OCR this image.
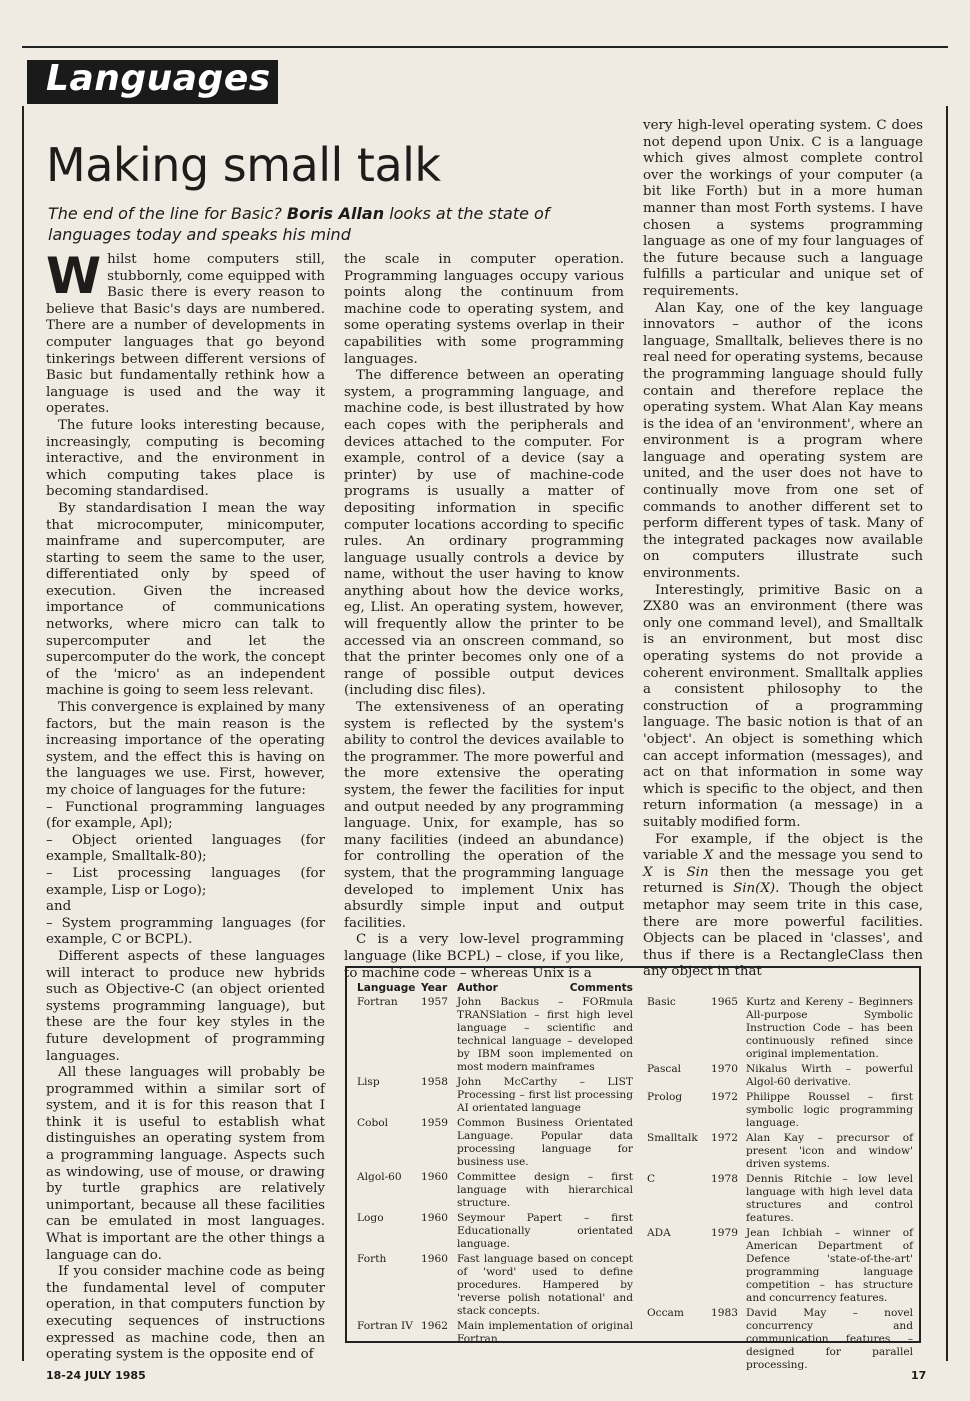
Languages
Making small talk
The end of the line for Basic? Boris Allan looks at the state of languages today and speaks his mind

Whilst home computers still, stubbornly, come equipped with Basic there is every reason to believe that Basic's days are numbered. There are a number of developments in computer languages that go beyond tinkerings between different versions of Basic but fundamentally rethink how a language is used and the way it operates.

The future looks interesting because, increasingly, computing is becoming interactive, and the environment in which computing takes place is becoming standardised.

By standardisation I mean the way that microcomputer, minicomputer, mainframe and supercomputer, are starting to seem the same to the user, differentiated only by speed of execution. Given the increased importance of communications networks, where micro can talk to supercomputer and let the supercomputer do the work, the concept of the 'micro' as an independent machine is going to seem less relevant.

This convergence is explained by many factors, but the main reason is the increasing importance of the operating system, and the effect this is having on the languages we use. First, however, my choice of languages for the future:

– Functional programming languages (for example, Apl);

– Object oriented languages (for example, Smalltalk-80);

– List processing languages (for example, Lisp or Logo);

and

– System programming languages (for example, C or BCPL).

Different aspects of these languages will interact to produce new hybrids such as Objective-C (an object oriented systems programming language), but these are the four key styles in the future development of programming languages.

All these languages will probably be programmed within a similar sort of system, and it is for this reason that I think it is useful to establish what distinguishes an operating system from a programming language. Aspects such as windowing, use of mouse, or drawing by turtle graphics are relatively unimportant, because all these facilities can be emulated in most languages. What is important are the other things a language can do.

If you consider machine code as being the fundamental level of computer operation, in that computers function by executing sequences of instructions expressed as machine code, then an operating system is the opposite end of

the scale in computer operation. Programming languages occupy various points along the continuum from machine code to operating system, and some operating systems overlap in their capabilities with some programming languages.

The difference between an operating system, a programming language, and machine code, is best illustrated by how each copes with the peripherals and devices attached to the computer. For example, control of a device (say a printer) by use of machine-code programs is usually a matter of depositing information in specific computer locations according to specific rules. An ordinary programming language usually controls a device by name, without the user having to know anything about how the device works, eg, Llist. An operating system, however, will frequently allow the printer to be accessed via an onscreen command, so that the printer becomes only one of a range of possible output devices (including disc files).

The extensiveness of an operating system is reflected by the system's ability to control the devices available to the programmer. The more powerful and the more extensive the operating system, the fewer the facilities for input and output needed by any programming language. Unix, for example, has so many facilities (indeed an abundance) for controlling the operation of the system, that the programming language developed to implement Unix has absurdly simple input and output facilities.

C is a very low-level programming language (like BCPL) – close, if you like, to machine code – whereas Unix is a

very high-level operating system. C does not depend upon Unix. C is a language which gives almost complete control over the workings of your computer (a bit like Forth) but in a more human manner than most Forth systems. I have chosen a systems programming language as one of my four languages of the future because such a language fulfills a particular and unique set of requirements.

Alan Kay, one of the key language innovators – author of the icons language, Smalltalk, believes there is no real need for operating systems, because the programming language should fully contain and therefore replace the operating system. What Alan Kay means is the idea of an 'environment', where an environment is a program where language and operating system are united, and the user does not have to continually move from one set of commands to another different set to perform different types of task. Many of the integrated packages now available on computers illustrate such environments.

Interestingly, primitive Basic on a ZX80 was an environment (there was only one command level), and Smalltalk is an environment, but most disc operating systems do not provide a coherent environment. Smalltalk applies a consistent philosophy to the construction of a programming language. The basic notion is that of an 'object'. An object is something which can accept information (messages), and act on that information in some way which is specific to the object, and then return information (a message) in a suitably modified form.

For example, if the object is the variable X and the message you send to X is Sin then the message you get returned is Sin(X). Though the object metaphor may seem trite in this case, there are more powerful facilities. Objects can be placed in 'classes', and thus if there is a RectangleClass then any object in that

Language Year Author	Comments
Fortran	1957 John Backus – FORmula TRANSlation – first high level language – scientific and technical language – developed by IBM soon implemented on most modern mainframes
Lisp	1958 John McCarthy – LIST Processing – first list processing AI orientated language
Cobol	1959 Common Business Orientated Language. Popular data processing language for business use.
Algol-60	1960 Committee design – first language with hierarchical structure.
Logo	1960 Seymour Papert – first Educationally orientated language.
Forth	1960 Fast language based on concept of 'word' used to define procedures. Hampered by 'reverse polish notational' and stack concepts.
Fortran IV 1962 Main implementation of original Fortran
Basic	1965 Kurtz and Kereny – Beginners All-purpose Symbolic Instruction Code – has been continuously refined since original implementation.
Pascal	1970 Nikalus Wirth – powerful Algol-60 derivative.
Prolog	1972 Philippe Roussel – first symbolic logic programming language.
Smalltalk	1972 Alan Kay – precursor of present 'icon and window' driven systems.
C	1978 Dennis Ritchie – low level language with high level data structures and control features.
ADA	1979 Jean Ichbiah – winner of American Department of Defence 'state-of-the-art' programming language competition – has structure and concurrency features.
Occam	1983 David May – novel concurrency and communication features – designed for parallel processing.
18-24 JULY 1985	17
